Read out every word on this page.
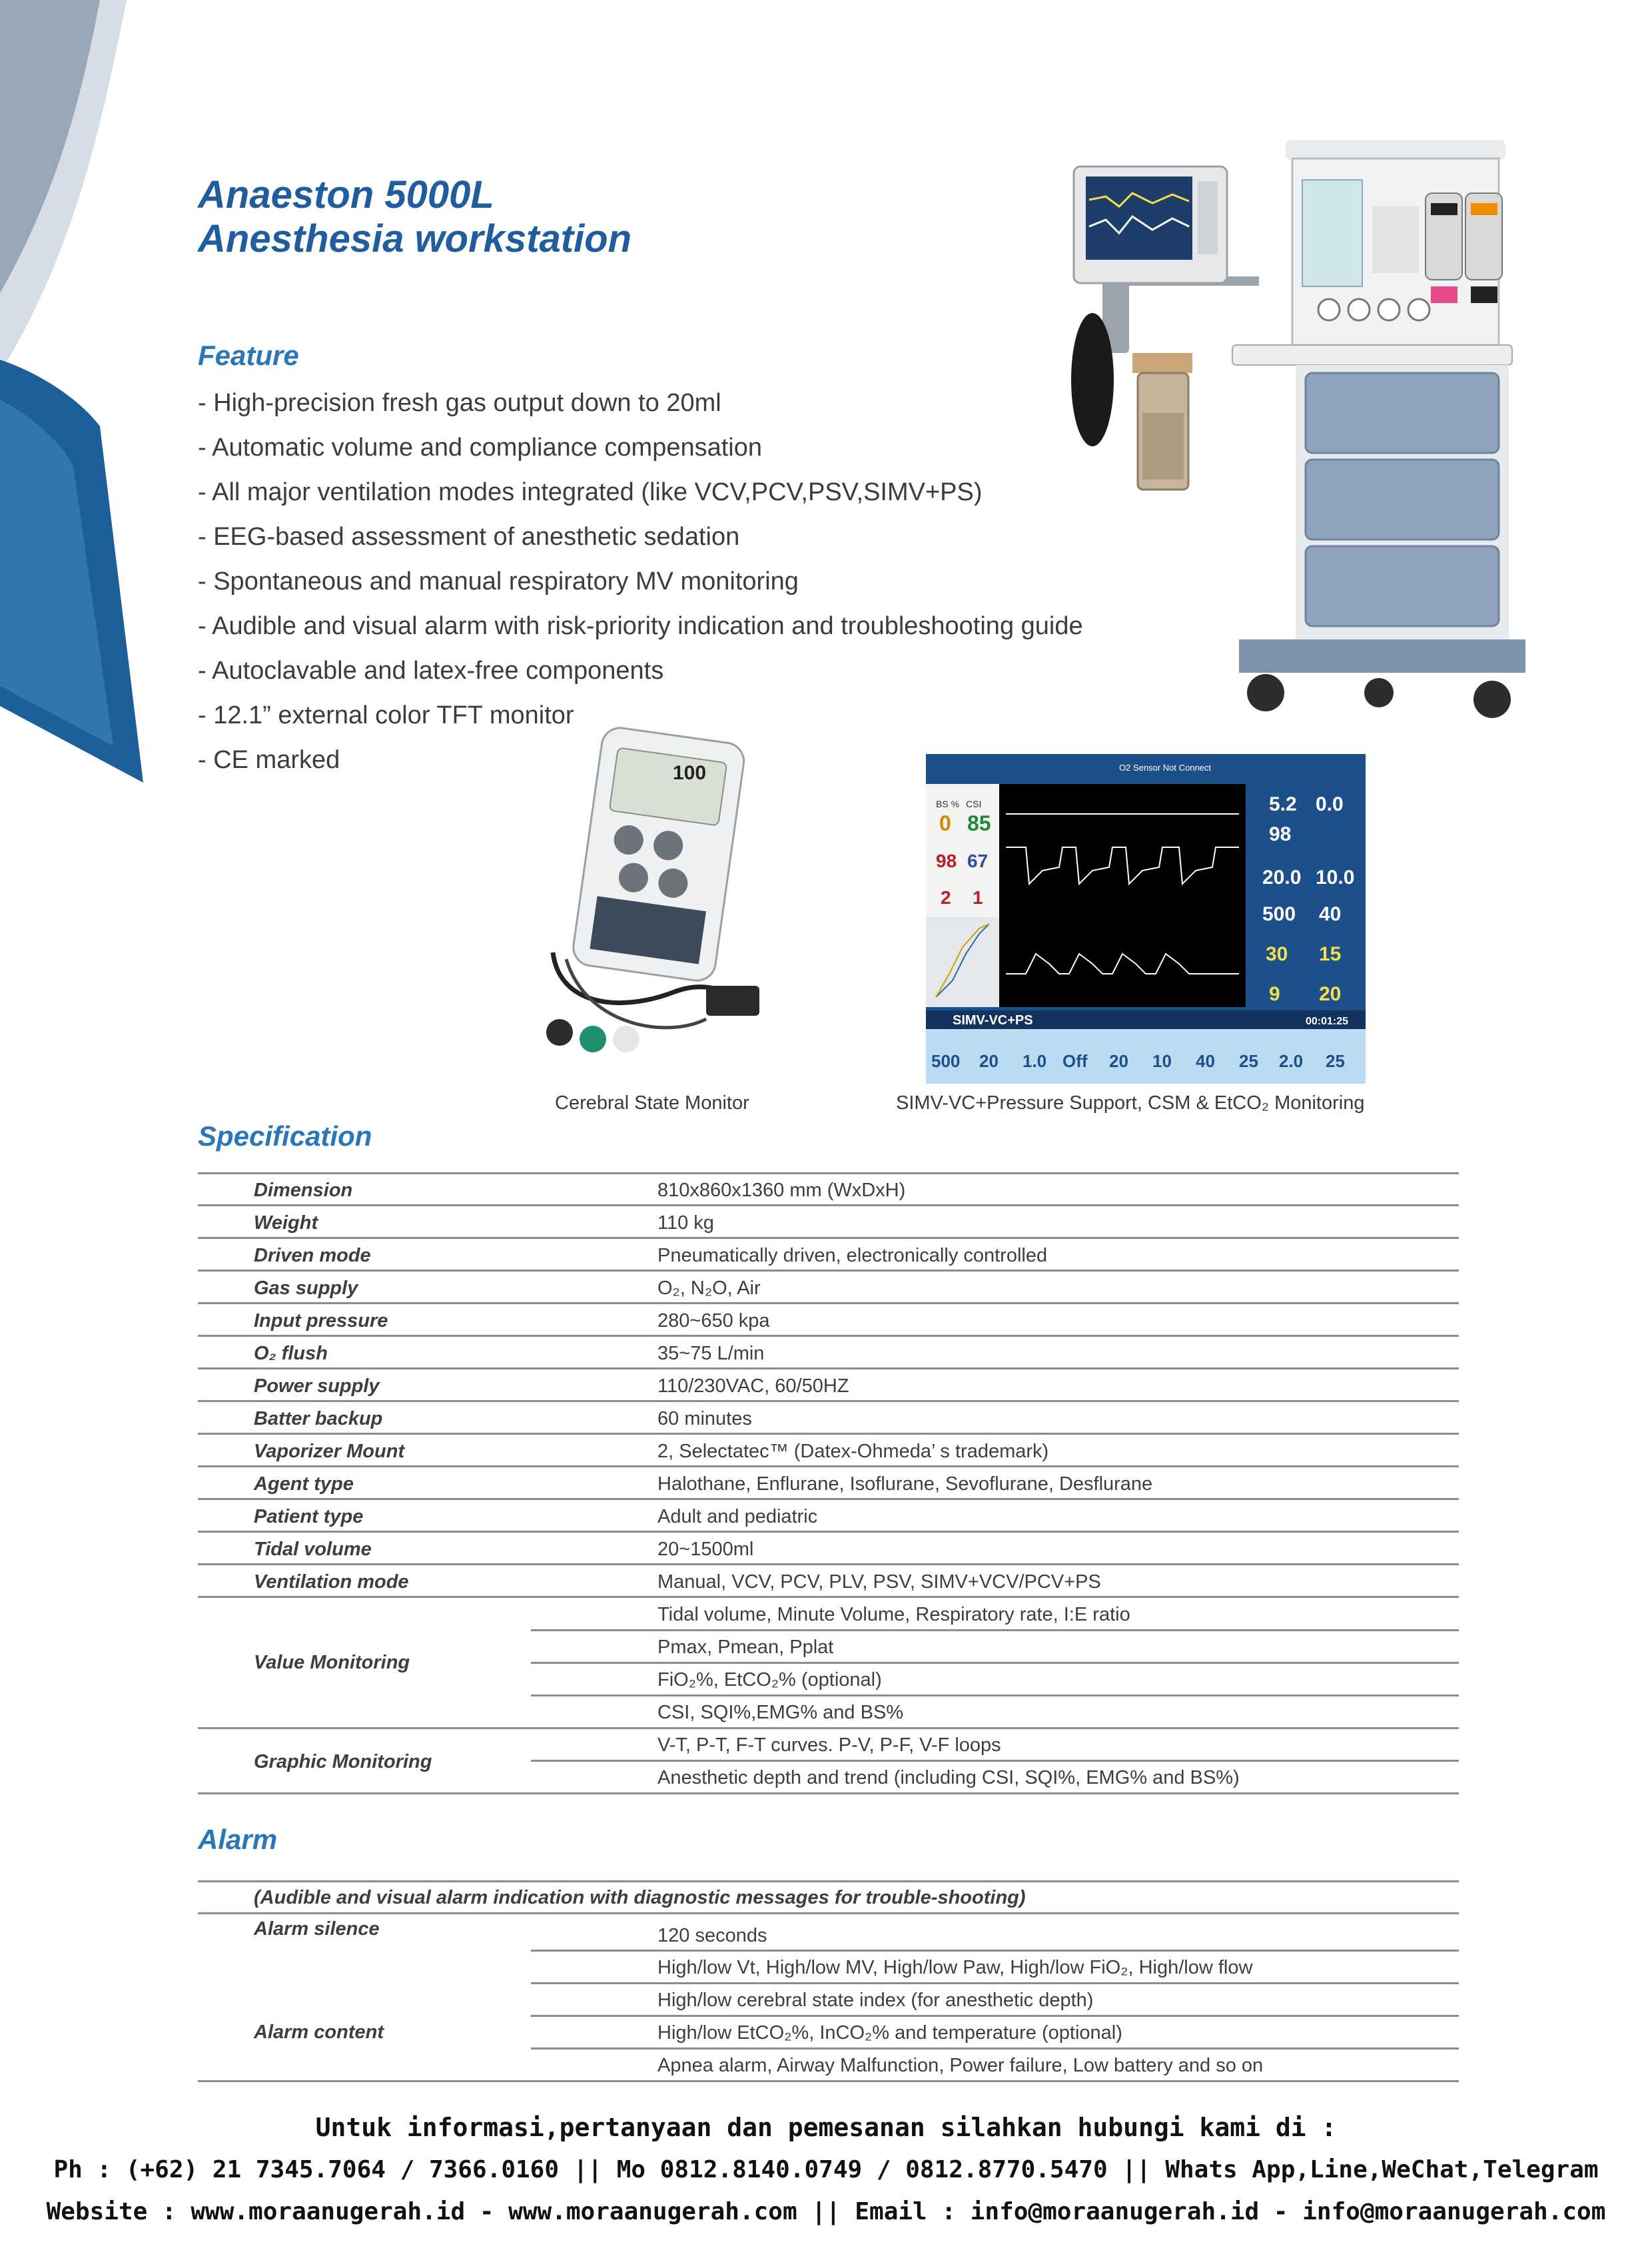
Anaeston 5000L
Anesthesia workstation
Feature
- High-precision fresh gas output down to 20ml
- Automatic volume and compliance compensation
- All major ventilation modes integrated (like VCV,PCV,PSV,SIMV+PS)
- EEG-based assessment of anesthetic sedation
- Spontaneous and manual respiratory MV monitoring
- Audible and visual alarm with risk-priority indication and troubleshooting guide
- Autoclavable and latex-free components
- 12.1” external color TFT monitor
- CE marked	100
BS % CSI
0 85
98 67
2 1
O2 Sensor Not Connect
5.2 0.0
98
20.0 10.0
500 40
30 15
9 20
SIMV-VC+PS	00:01:25
500 20 1.0 Off 20 10 40 25 2.0 25
Cerebral State Monitor	SIMV-VC+Pressure Support, CSM & EtCO₂ Monitoring
Specification
Dimension	810x860x1360 mm (WxDxH)
Weight	110 kg
Driven mode	Pneumatically driven, electronically controlled
Gas supply	O₂, N₂O, Air
Input pressure	280~650 kpa
O₂ flush	35~75 L/min
Power supply	110/230VAC, 60/50HZ
Batter backup	60 minutes
Vaporizer Mount	2, Selectatec™ (Datex-Ohmeda’ s trademark)
Agent type	Halothane, Enflurane, Isoflurane, Sevoflurane, Desflurane
Patient type	Adult and pediatric
Tidal volume	20~1500ml
Ventilation mode	Manual, VCV, PCV, PLV, PSV, SIMV+VCV/PCV+PS
Value Monitoring
Tidal volume, Minute Volume, Respiratory rate, I:E ratio
Pmax, Pmean, Pplat
FiO₂%, EtCO₂% (optional)
CSI, SQI%,EMG% and BS%
Graphic Monitoring
V-T, P-T, F-T curves. P-V, P-F, V-F loops
Anesthetic depth and trend (including CSI, SQI%, EMG% and BS%)
Alarm
(Audible and visual alarm indication with diagnostic messages for trouble-shooting)
Alarm silence	120 seconds
Alarm content
High/low Vt, High/low MV, High/low Paw, High/low FiO₂, High/low flow
High/low cerebral state index (for anesthetic depth)
High/low EtCO₂%, InCO₂% and temperature (optional)
Apnea alarm, Airway Malfunction, Power failure, Low battery and so on
Untuk informasi,pertanyaan dan pemesanan silahkan hubungi kami di :
Ph : (+62) 21 7345.7064 / 7366.0160 || Mo 0812.8140.0749 / 0812.8770.5470 || Whats App,Line,WeChat,Telegram
Website : www.moraanugerah.id - www.moraanugerah.com || Email : info@moraanugerah.id - info@moraanugerah.com
